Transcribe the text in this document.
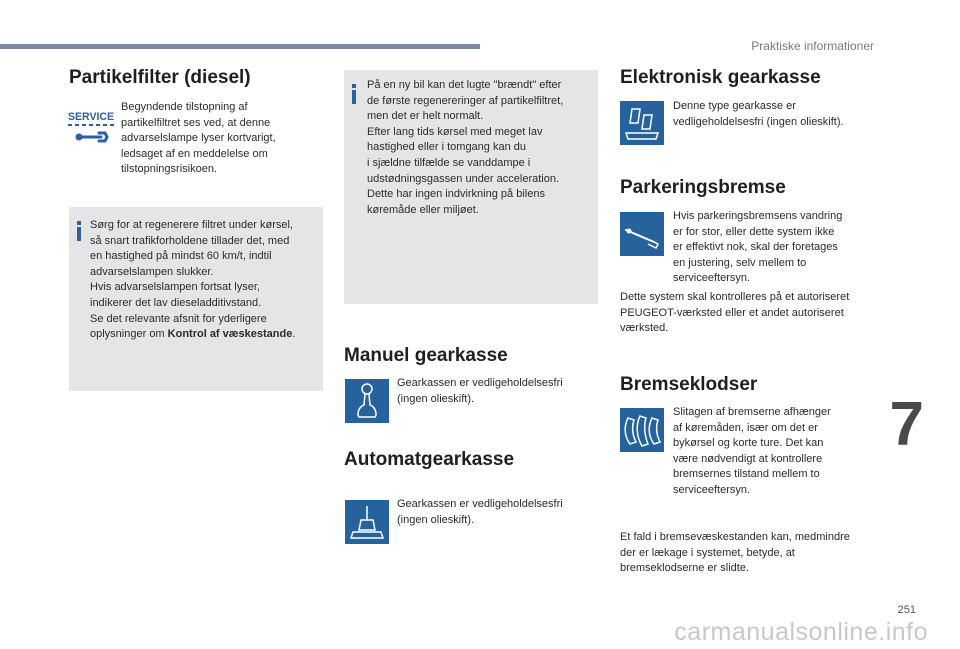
Praktiske informationer
Partikelfilter (diesel)
SERVICE
Begyndende tilstopning af
partikelfiltret ses ved, at denne
advarselslampe lyser kortvarigt,
ledsaget af en meddelelse om
tilstopningsrisikoen.
Sørg for at regenerere filtret under kørsel,
så snart trafikforholdene tillader det, med
en hastighed på mindst 60 km/t, indtil
advarselslampen slukker.
Hvis advarselslampen fortsat lyser,
indikerer det lav dieseladditivstand.
Se det relevante afsnit for yderligere
oplysninger om Kontrol af væskestande.
På en ny bil kan det lugte "brændt" efter
de første regenereringer af partikelfiltret,
men det er helt normalt.
Efter lang tids kørsel med meget lav
hastighed eller i tomgang kan du
i sjældne tilfælde se vanddampe i
udstødningsgassen under acceleration.
Dette har ingen indvirkning på bilens
køremåde eller miljøet.
Manuel gearkasse
Gearkassen er vedligeholdelsesfri
(ingen olieskift).
Automatgearkasse
Gearkassen er vedligeholdelsesfri
(ingen olieskift).
Elektronisk gearkasse
Denne type gearkasse er
vedligeholdelsesfri (ingen olieskift).
Parkeringsbremse
Hvis parkeringsbremsens vandring
er for stor, eller dette system ikke
er effektivt nok, skal der foretages
en justering, selv mellem to
serviceeftersyn.
Dette system skal kontrolleres på et autoriseret
PEUGEOT-værksted eller et andet autoriseret
værksted.
Bremseklodser
Slitagen af bremserne afhænger
af køremåden, især om det er
bykørsel og korte ture. Det kan
være nødvendigt at kontrollere
bremsernes tilstand mellem to
serviceeftersyn.
Et fald i bremsevæskestanden kan, medmindre
der er lækage i systemet, betyde, at
bremseklodserne er slidte.
7
251
carmanualsonline.info
